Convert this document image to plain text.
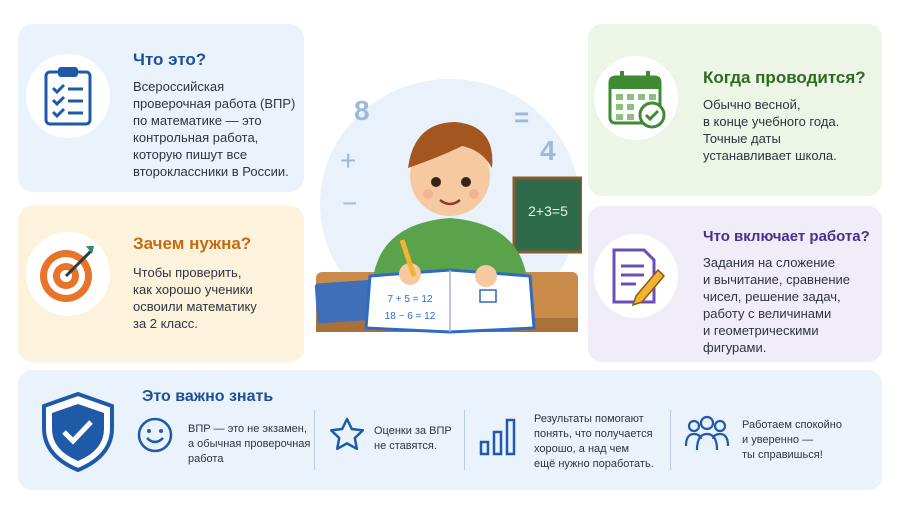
Что это?
Всероссийская
проверочная работа (ВПР)
по математике — это
контрольная работа,
которую пишут все
второклассники в России.
Зачем нужна?
Чтобы проверить,
как хорошо ученики
освоили математику
за 2 класс.
Когда проводится?
Обычно весной,
в конце учебного года.
Точные даты
устанавливает школа.
Что включает работа?
Задания на сложение
и вычитание, сравнение
чисел, решение задач,
работу с величинами
и геометрическими
фигурами.
8	=
+	4
−	2+3=5
7 + 5 = 12
18 − 6 = 12
Это важно знать
ВПР — это не экзамен,
а обычная проверочная
работа
Оценки за ВПР
не ставятся.
Результаты помогают
понять, что получается
хорошо, а над чем
ещё нужно поработать.
Работаем спокойно
и уверенно —
ты справишься!
